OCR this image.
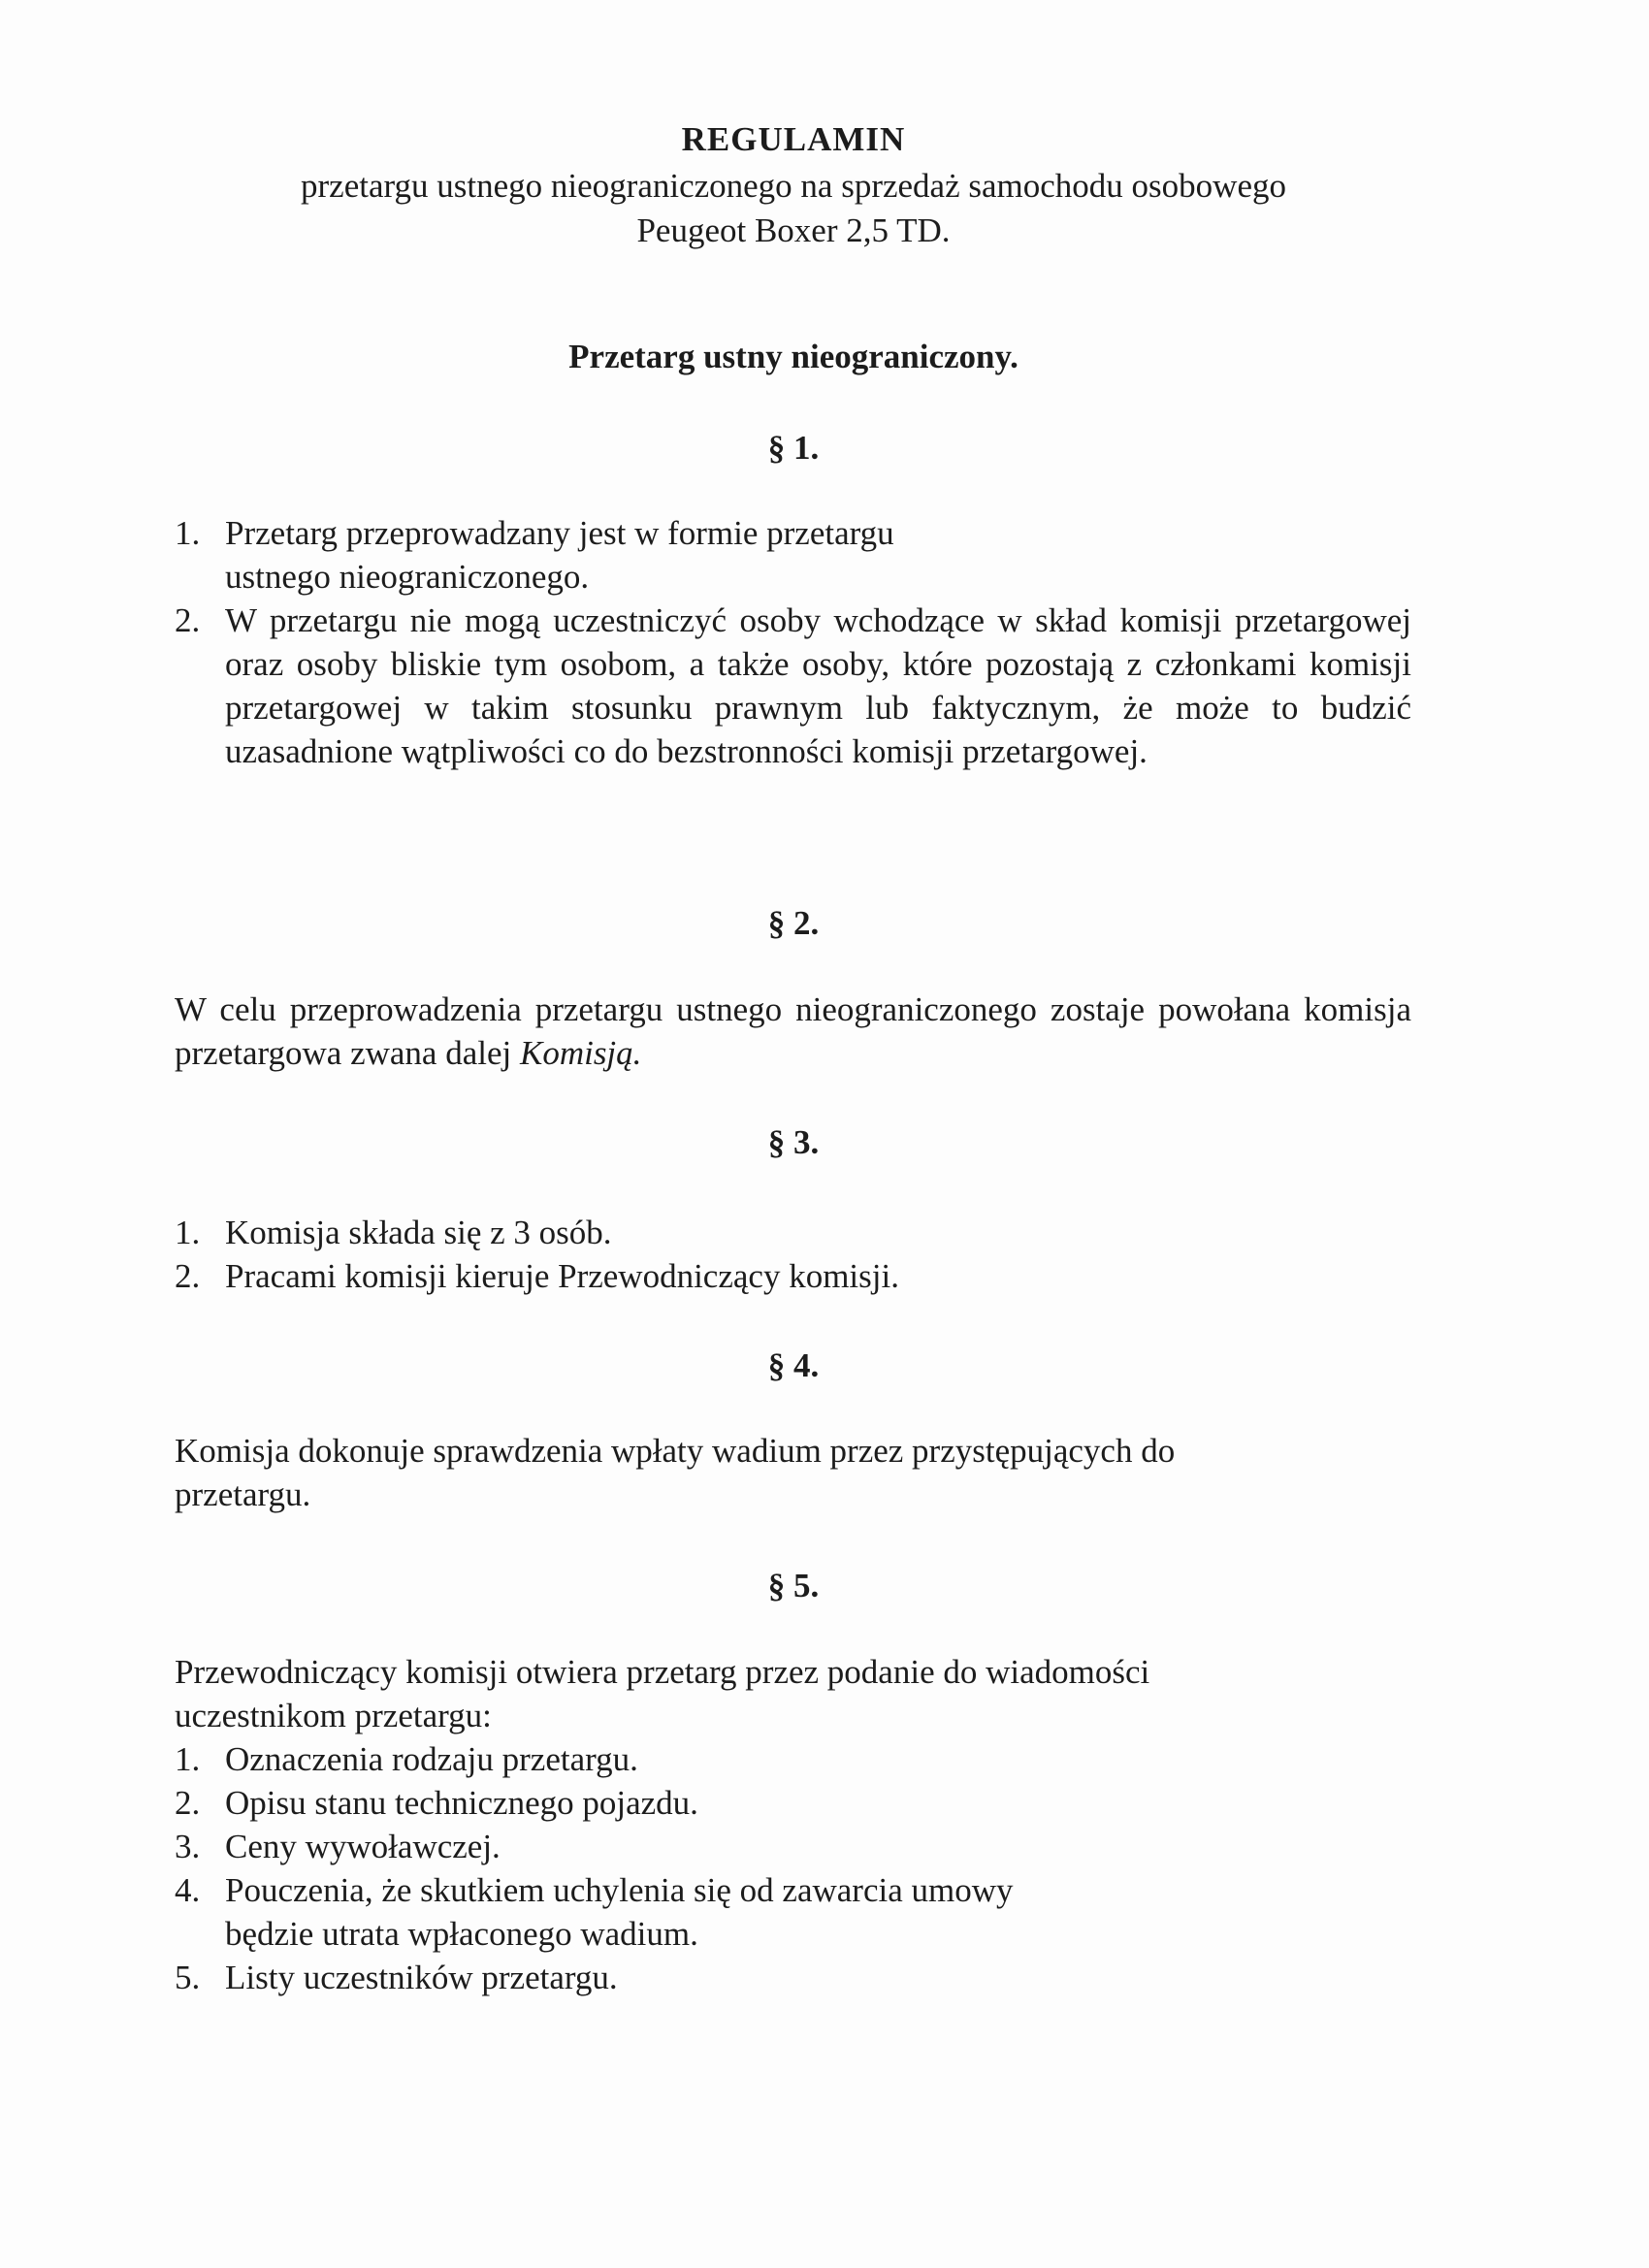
REGULAMIN
przetargu ustnego nieograniczonego na sprzedaż samochodu osobowego
Peugeot Boxer 2,5 TD.
Przetarg ustny nieograniczony.
§ 1.
1. Przetarg przeprowadzany jest w formie przetargu ustnego nieograniczonego.
2. W przetargu nie mogą uczestniczyć osoby wchodzące w skład komisji przetargowej oraz osoby bliskie tym osobom, a także osoby, które pozostają z członkami komisji przetargowej w takim stosunku prawnym lub faktycznym, że może to budzić uzasadnione wątpliwości co do bezstronności komisji przetargowej.
§ 2.

W celu przeprowadzenia przetargu ustnego nieograniczonego zostaje powołana komisja przetargowa zwana dalej Komisją.

§ 3.
1. Komisja składa się z 3 osób.
2. Pracami komisji kieruje Przewodniczący komisji.
§ 4.

Komisja dokonuje sprawdzenia wpłaty wadium przez przystępujących do przetargu.

§ 5.

Przewodniczący komisji otwiera przetarg przez podanie do wiadomości uczestnikom przetargu:

1. Oznaczenia rodzaju przetargu.
2. Opisu stanu technicznego pojazdu.
3. Ceny wywoławczej.
4. Pouczenia, że skutkiem uchylenia się od zawarcia umowy będzie utrata wpłaconego wadium.
5. Listy uczestników przetargu.
